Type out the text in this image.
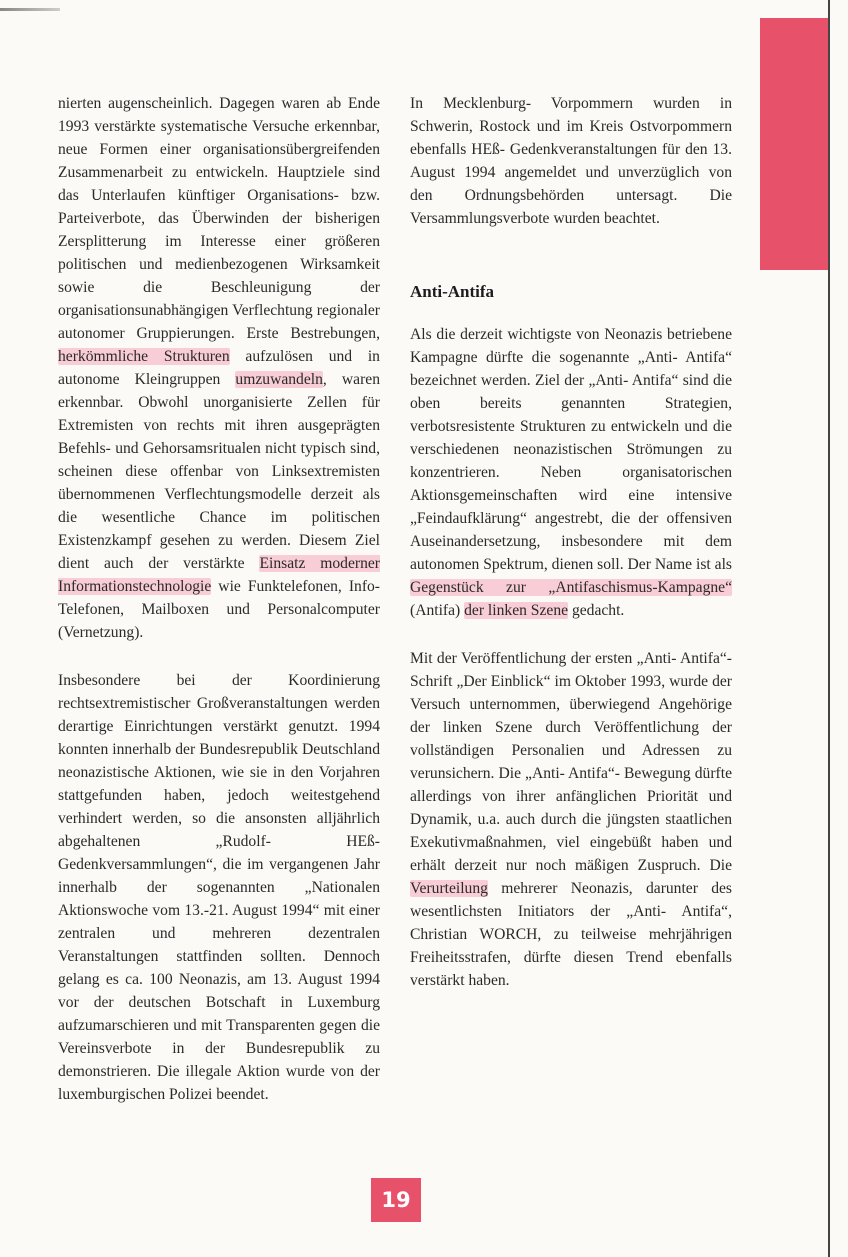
nierten augenscheinlich. Dagegen waren ab Ende 1993 verstärkte systematische Versuche erkennbar, neue Formen einer organisationsübergreifenden Zusammenarbeit zu entwickeln. Hauptziele sind das Unterlaufen künftiger Organisations- bzw. Parteiverbote, das Überwinden der bisherigen Zersplitterung im Interesse einer größeren politischen und medienbezogenen Wirksamkeit sowie die Beschleunigung der organisationsunabhängigen Verflechtung regionaler autonomer Gruppierungen. Erste Bestrebungen, herkömmliche Strukturen aufzulösen und in autonome Kleingruppen umzuwandeln, waren erkennbar. Obwohl unorganisierte Zellen für Extremisten von rechts mit ihren ausgeprägten Befehls- und Gehorsamsritualen nicht typisch sind, scheinen diese offenbar von Linksextremisten übernommenen Verflechtungsmodelle derzeit als die wesentliche Chance im politischen Existenzkampf gesehen zu werden. Diesem Ziel dient auch der verstärkte Einsatz moderner Informationstechnologie wie Funktelefonen, Info- Telefonen, Mailboxen und Personalcomputer (Vernetzung).

Insbesondere bei der Koordinierung rechtsextremistischer Großveranstaltungen werden derartige Einrichtungen verstärkt genutzt. 1994 konnten innerhalb der Bundesrepublik Deutschland neonazistische Aktionen, wie sie in den Vorjahren stattgefunden haben, jedoch weitestgehend verhindert werden, so die ansonsten alljährlich abgehaltenen „Rudolf- HEß- Gedenkversammlungen“, die im vergangenen Jahr innerhalb der sogenannten „Nationalen Aktionswoche vom 13.-21. August 1994“ mit einer zentralen und mehreren dezentralen Veranstaltungen stattfinden sollten. Dennoch gelang es ca. 100 Neonazis, am 13. August 1994 vor der deutschen Botschaft in Luxemburg aufzumarschieren und mit Transparenten gegen die Vereinsverbote in der Bundesrepublik zu demonstrieren. Die illegale Aktion wurde von der luxemburgischen Polizei beendet.

In Mecklenburg- Vorpommern wurden in Schwerin, Rostock und im Kreis Ostvorpommern ebenfalls HEß- Gedenkveranstaltungen für den 13. August 1994 angemeldet und unverzüglich von den Ordnungsbehörden untersagt. Die Versammlungsverbote wurden beachtet.

Anti-Antifa

Als die derzeit wichtigste von Neonazis betriebene Kampagne dürfte die sogenannte „Anti- Antifa“ bezeichnet werden. Ziel der „Anti- Antifa“ sind die oben bereits genannten Strategien, verbotsresistente Strukturen zu entwickeln und die verschiedenen neonazistischen Strömungen zu konzentrieren. Neben organisatorischen Aktionsgemeinschaften wird eine intensive „Feindaufklärung“ angestrebt, die der offensiven Auseinandersetzung, insbesondere mit dem autonomen Spektrum, dienen soll. Der Name ist als Gegenstück zur „Antifaschismus-Kampagne“ (Antifa) der linken Szene gedacht.

Mit der Veröffentlichung der ersten „Anti- Antifa“- Schrift „Der Einblick“ im Oktober 1993, wurde der Versuch unternommen, überwiegend Angehörige der linken Szene durch Veröffentlichung der vollständigen Personalien und Adressen zu verunsichern. Die „Anti- Antifa“- Bewegung dürfte allerdings von ihrer anfänglichen Priorität und Dynamik, u.a. auch durch die jüngsten staatlichen Exekutivmaßnahmen, viel eingebüßt haben und erhält derzeit nur noch mäßigen Zuspruch. Die Verurteilung mehrerer Neonazis, darunter des wesentlichsten Initiators der „Anti- Antifa“, Christian WORCH, zu teilweise mehrjährigen Freiheitsstrafen, dürfte diesen Trend ebenfalls verstärkt haben.

19
